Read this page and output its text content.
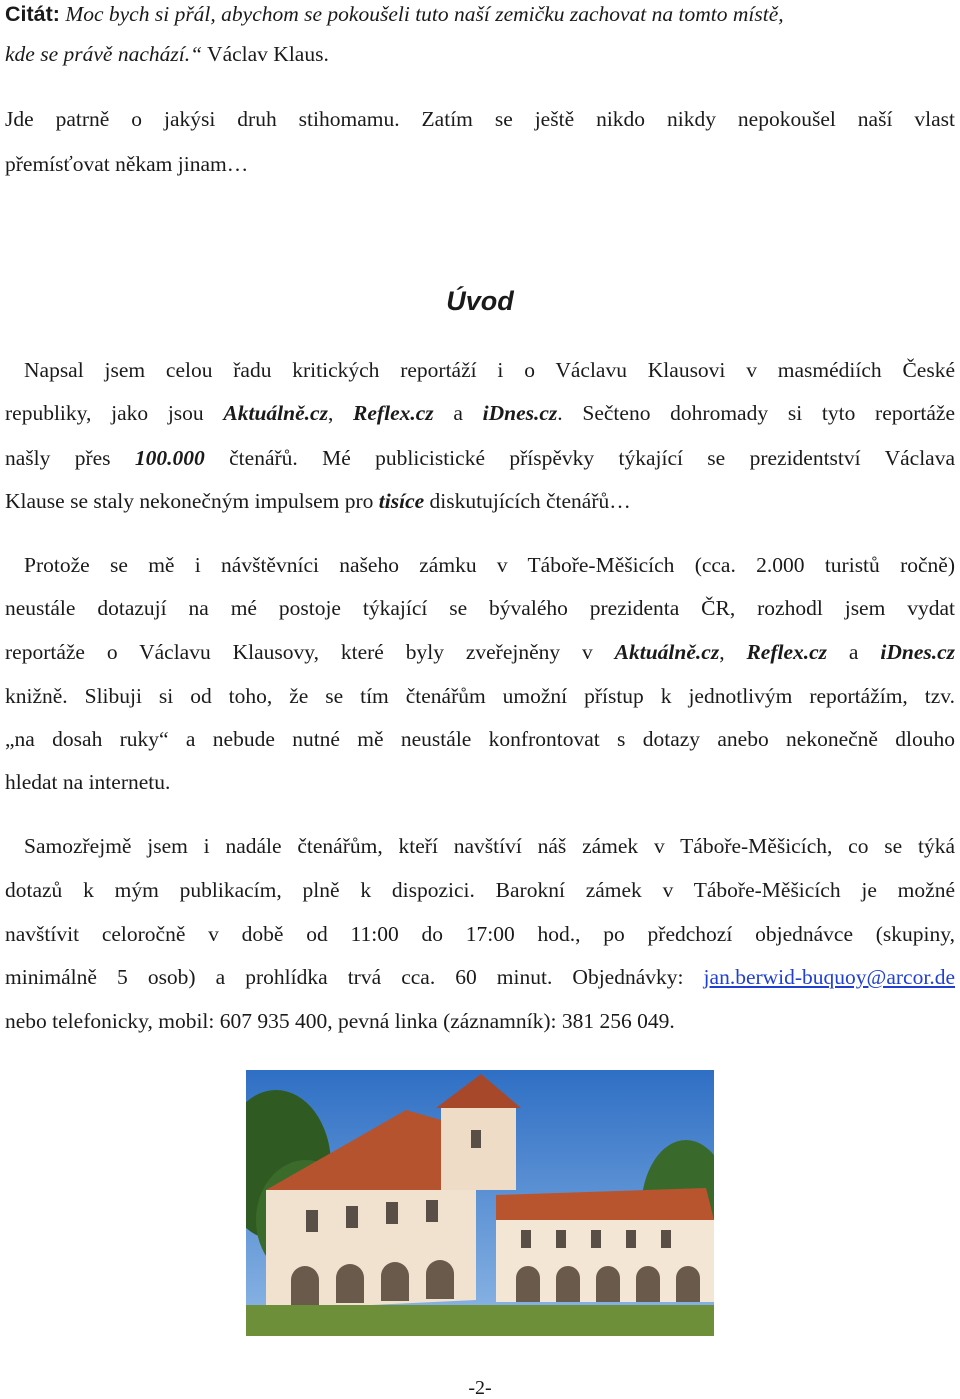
Citát: Moc bych si přál, abychom se pokoušeli tuto naší zemičku zachovat na tomto místě,
kde se právě nachází.“ Václav Klaus.
Jde patrně o jakýsi druh stihomamu. Zatím se ještě nikdo nikdy nepokoušel naší vlast
přemísťovat někam jinam…
Úvod
Napsal jsem celou řadu kritických reportáží i o Václavu Klausovi v masmédiích České
republiky, jako jsou Aktuálně.cz, Reflex.cz a iDnes.cz. Sečteno dohromady si tyto reportáže
našly přes 100.000 čtenářů. Mé publicistické příspěvky týkající se prezidentství Václava
Klause se staly nekonečným impulsem pro tisíce diskutujících čtenářů…
Protože se mě i návštěvníci našeho zámku v Táboře-Měšicích (cca. 2.000 turistů ročně)
neustále dotazují na mé postoje týkající se bývalého prezidenta ČR, rozhodl jsem vydat
reportáže o Václavu Klausovy, které byly zveřejněny v Aktuálně.cz, Reflex.cz a iDnes.cz
knižně. Slibuji si od toho, že se tím čtenářům umožní přístup k jednotlivým reportážím, tzv.
„na dosah ruky“ a nebude nutné mě neustále konfrontovat s dotazy anebo nekonečně dlouho
hledat na internetu.
Samozřejmě jsem i nadále čtenářům, kteří navštíví náš zámek v Táboře-Měšicích, co se týká
dotazů k mým publikacím, plně k dispozici. Barokní zámek v Táboře-Měšicích je možné
navštívit celoročně v době od 11:00 do 17:00 hod., po předchozí objednávce (skupiny,
minimálně 5 osob) a prohlídka trvá cca. 60 minut. Objednávky: jan.berwid-buquoy@arcor.de
nebo telefonicky, mobil: 607 935 400, pevná linka (záznamník): 381 256 049.
-2-
